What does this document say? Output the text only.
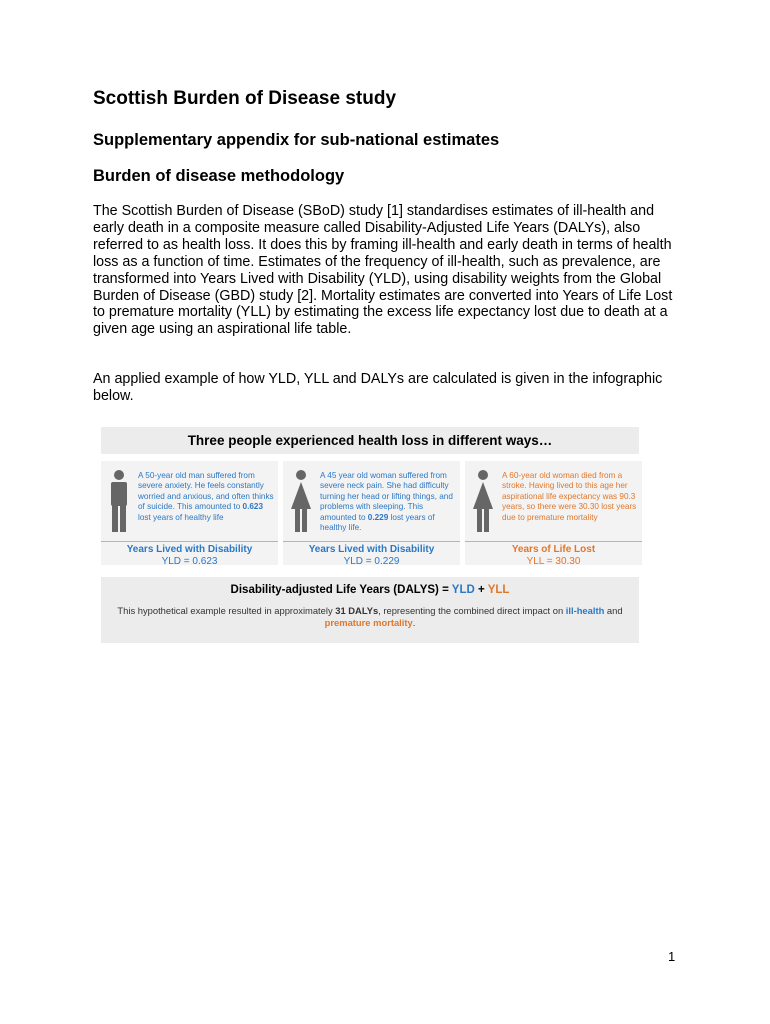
Scottish Burden of Disease study
Supplementary appendix for sub-national estimates
Burden of disease methodology

The Scottish Burden of Disease (SBoD) study [1] standardises estimates of ill-health and early death in a composite measure called Disability-Adjusted Life Years (DALYs), also referred to as health loss. It does this by framing ill-health and early death in terms of health loss as a function of time. Estimates of the frequency of ill-health, such as prevalence, are transformed into Years Lived with Disability (YLD), using disability weights from the Global Burden of Disease (GBD) study [2]. Mortality estimates are converted into Years of Life Lost to premature mortality (YLL) by estimating the excess life expectancy lost due to death at a given age using an aspirational life table.

An applied example of how YLD, YLL and DALYs are calculated is given in the infographic below.

Three people experienced health loss in different ways…
A 50-year old man suffered from severe anxiety. He feels constantly worried and anxious, and often thinks of suicide. This amounted to 0.623 lost years of healthy life
Years Lived with Disability
YLD = 0.623
A 45 year old woman suffered from severe neck pain. She had difficulty turning her head or lifting things, and problems with sleeping. This amounted to 0.229 lost years of healthy life.
Years Lived with Disability
YLD = 0.229
A 60-year old woman died from a stroke. Having lived to this age her aspirational life expectancy was 90.3 years, so there were 30.30 lost years due to premature mortality
Years of Life Lost
YLL = 30.30
Disability-adjusted Life Years (DALYS) = YLD + YLL
This hypothetical example resulted in approximately 31 DALYs, representing the combined direct impact on ill-health and premature mortality.
1
